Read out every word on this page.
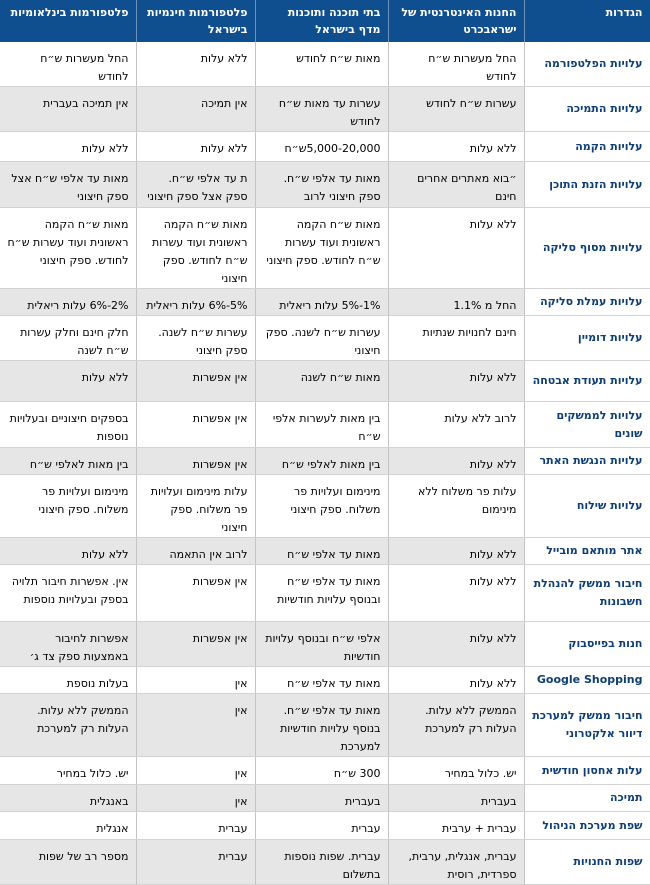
הגדרות	החנות האינטרנטית של ישראבכרט	בתי תוכנה ותוכנות מדף בישראל	פלטפורמות חינמיות בישראל	פלטפורמות בינלאומיות
עלויות הפלטפורמה	החל מעשרות ש״ח לחודש	מאות ש״ח לחודש	ללא עלות	החל מעשרות ש״ח לחודש
עלויות התמיכה	עשרות ש״ח לחודש	עשרות עד מאות ש״ח לחודש	אין תמיכה	אין תמיכה בעברית
עלויות הקמה	ללא עלות	5,000-20,000ש״ח	ללא עלות	ללא עלות
עלויות הזנת התוכן	״בוא מאתרים אחרים חינם	מאות עד אלפי ש״ח. ספק חיצוני לרוב	ת עד אלפי ש״ח. ספק אצל ספק חיצוני	מאות עד אלפי ש״ח אצל ספק חיצוני
עלויות מסוף סליקה	ללא עלות	מאות ש״ח הקמה ראשונית ועוד עשרות ש״ח לחודש. ספק חיצוני	מאות ש״ח הקמה ראשונית ועוד עשרות ש״ח לחודש. ספק חיצוני	מאות ש״ח הקמה ראשונית ועוד עשרות ש״ח לחודש. ספק חיצוני
עלויות עמלת סליקה	החל מ 1.1%	1%-5% עלות ריאלית	5%-6% עלות ריאלית	2%-6% עלות ריאלית
עלויות דומיין	חינם לחנויות שנתיות	עשרות ש״ח לשנה. ספק חיצוני	עשרות ש״ח לשנה. ספק חיצוני	חלק חינם וחלק עשרות ש״ח לשנה
עלויות תעודת אבטחה	ללא עלות	מאות ש״ח לשנה	אין אפשרות	ללא עלות
עלויות לממשקים שונים	לרוב ללא עלות	בין מאות לעשרות אלפי ש״ח	אין אפשרות	בספקים חיצוניים ובעלויות נוספות
עלויות הנגשת האתר	ללא עלות	בין מאות לאלפי ש״ח	אין אפשרות	בין מאות לאלפי ש״ח
עלויות שילוח	עלות פר משלוח ללא מינימום	מינימום ועלויות פר משלוח. ספק חיצוני	עלות מינימום ועלויות פר משלוח. ספק חיצוני	מינימום ועלויות פר משלוח. ספק חיצוני
אתר מותאם מובייל	ללא עלות	מאות עד אלפי ש״ח	לרוב אין התאמה	ללא עלות
חיבור ממשק להנהלת חשבונות	ללא עלות	מאות עד אלפי ש״ח ובנוסף עלויות חודשיות	אין אפשרות	אין. אפשרות חיבור תלויה בספק ובעלויות נוספות
חנות בפייסבוק	ללא עלות	אלפי ש״ח ובנוסף עלויות חודשיות	אין אפשרות	אפשרות לחיבור באמצעות ספק צד ג׳
Google Shopping	ללא עלות	מאות עד אלפי ש״ח	אין	בעלות נוספת
חיבור ממשק למערכת דיוור אלקטרוני	הממשק ללא עלות. העלות רק למערכת	מאות עד אלפי ש״ח. בנוסף עלויות חודשיות למערכת	אין	הממשק ללא עלות. העלות רק למערכת
עלות אחסון חודשית	יש. כלול במחיר	300 ש״ח	אין	יש. כלול במחיר
תמיכה	בעברית	בעברית	אין	באנגלית
שפת מערכת הניהול	עברית + ערבית	עברית	עברית	אנגלית
שפות החנויות	עברית, אנגלית, ערבית, ספרדית, רוסית	עברית. שפות נוספות בתשלום	עברית	מספר רב של שפות
